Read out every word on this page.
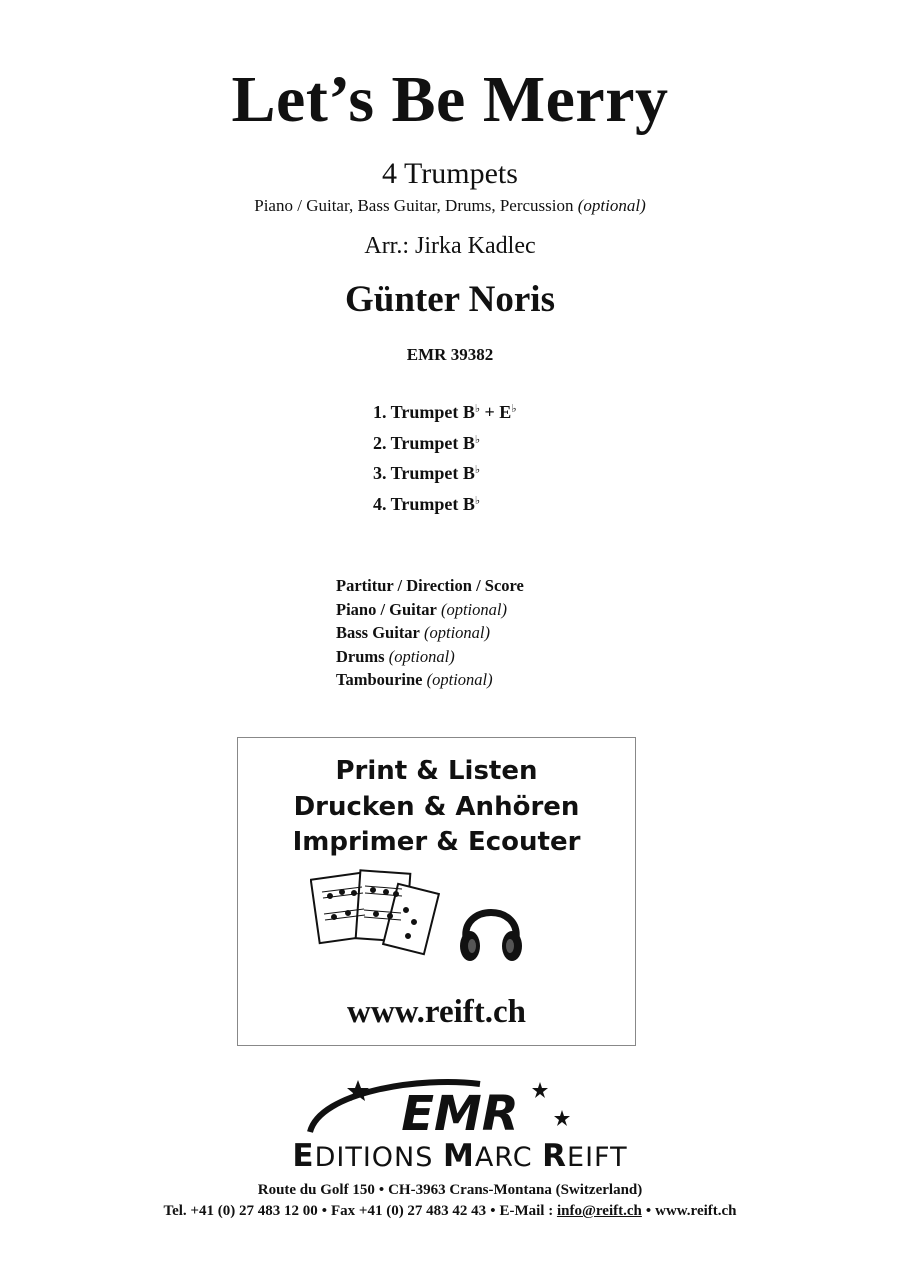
Let’s Be Merry
4 Trumpets
Piano / Guitar, Bass Guitar, Drums, Percussion (optional)
Arr.: Jirka Kadlec
Günter Noris
EMR 39382
1. Trumpet B♭ + E♭
2. Trumpet B♭
3. Trumpet B♭
4. Trumpet B♭
Partitur / Direction / Score
Piano / Guitar (optional)
Bass Guitar (optional)
Drums (optional)
Tambourine (optional)
Print & Listen
Drucken & Anhören
Imprimer & Ecouter
www.reift.ch
EMR
EDITIONS MARC REIFT
Route du Golf 150 • CH-3963 Crans-Montana (Switzerland)
Tel. +41 (0) 27 483 12 00 • Fax +41 (0) 27 483 42 43 • E-Mail : info@reift.ch • www.reift.ch
